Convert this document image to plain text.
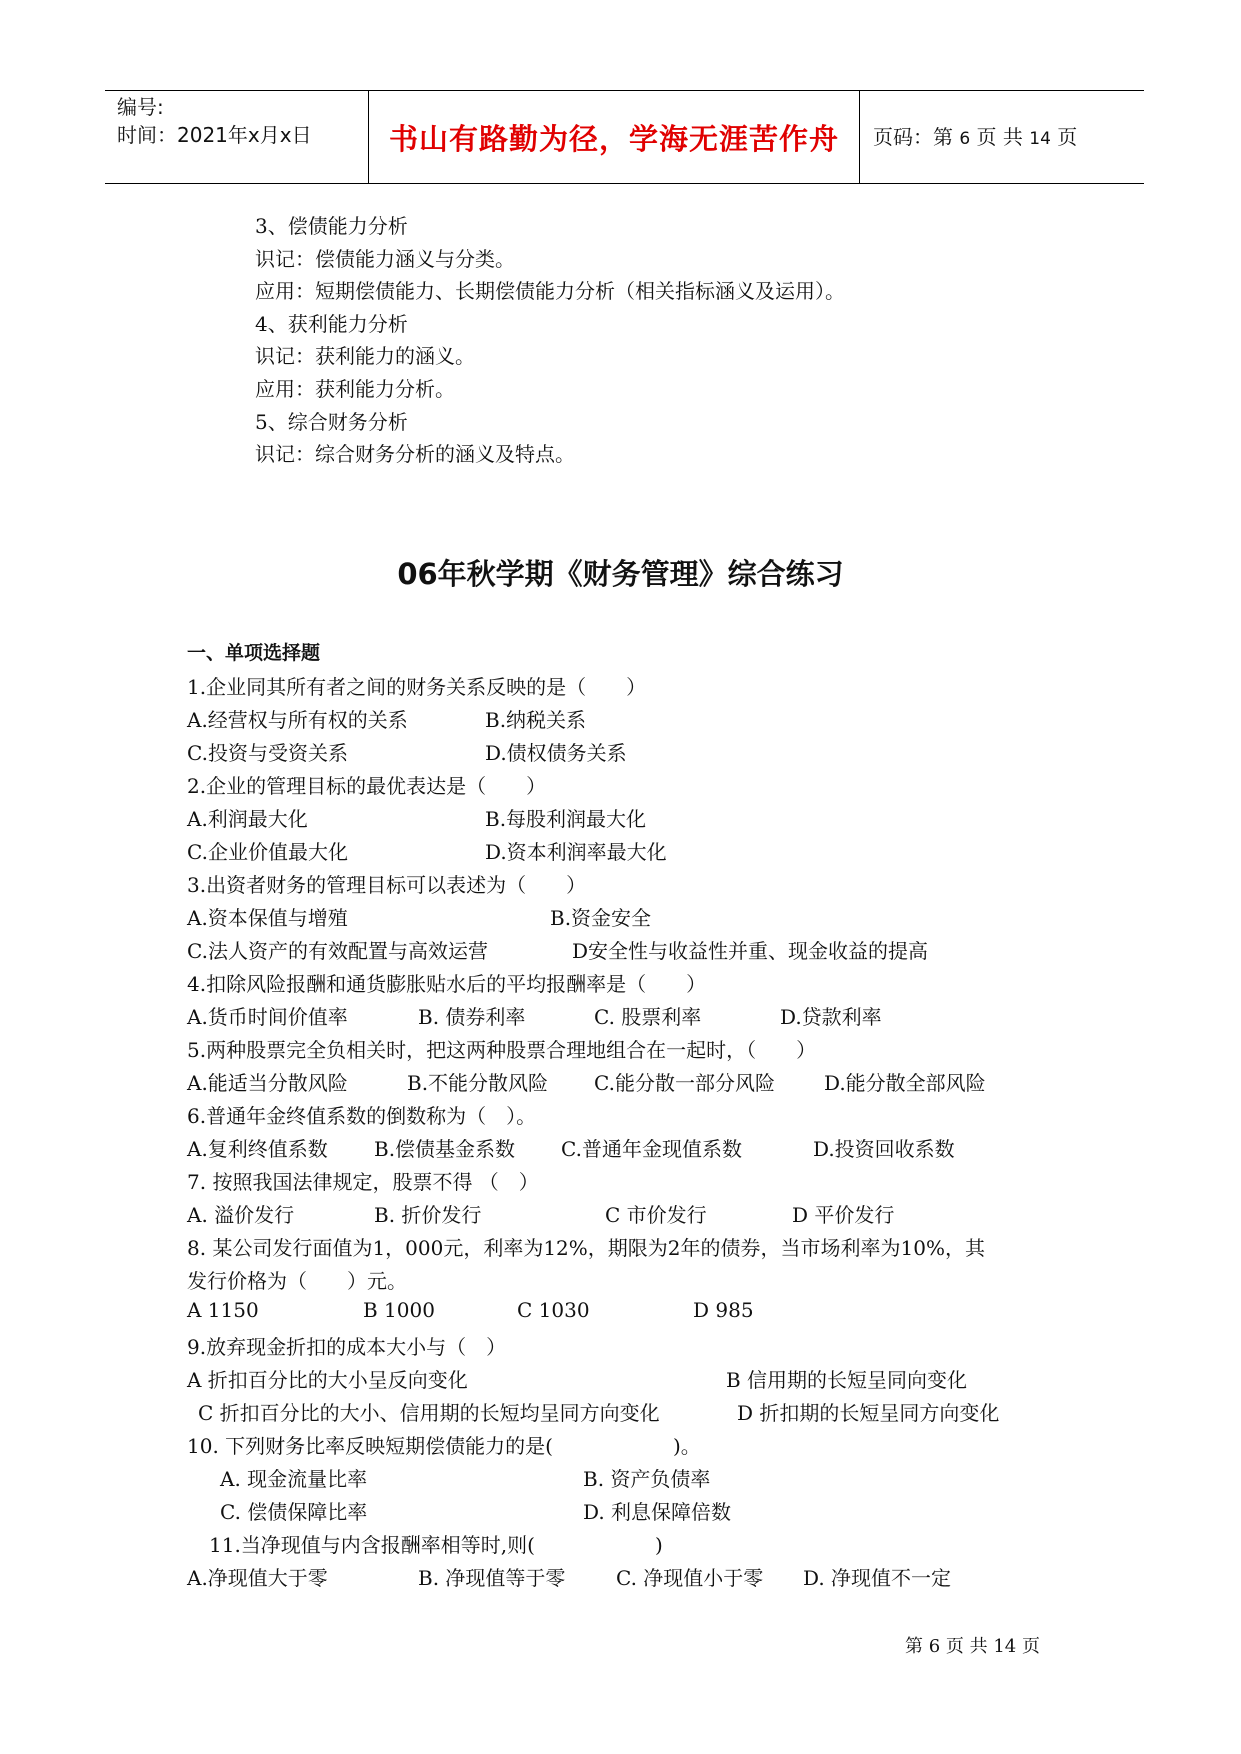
编号:
时间：2021年x月x日	书山有路勤为径，学海无涯苦作舟	页码：第 6 页 共 14 页
3、偿债能力分析
识记：偿债能力涵义与分类。
应用：短期偿债能力、长期偿债能力分析（相关指标涵义及运用）。
4、获利能力分析
识记：获利能力的涵义。
应用：获利能力分析。
5、综合财务分析
识记：综合财务分析的涵义及特点。
06年秋学期《财务管理》综合练习
一、单项选择题
1.企业同其所有者之间的财务关系反映的是（　　）
A.经营权与所有权的关系	B.纳税关系
C.投资与受资关系	D.债权债务关系
2.企业的管理目标的最优表达是（　　）
A.利润最大化	B.每股利润最大化
C.企业价值最大化	D.资本利润率最大化
3.出资者财务的管理目标可以表述为（　　）
A.资本保值与增殖	B.资金安全
C.法人资产的有效配置与高效运营	D安全性与收益性并重、现金收益的提高
4.扣除风险报酬和通货膨胀贴水后的平均报酬率是（　　）
A.货币时间价值率	B. 债券利率	C. 股票利率	D.贷款利率
5.两种股票完全负相关时，把这两种股票合理地组合在一起时，（　　）
A.能适当分散风险	B.不能分散风险 C.能分散一部分风险 D.能分散全部风险
6.普通年金终值系数的倒数称为（　）。
A.复利终值系数 B.偿债基金系数 C.普通年金现值系数	D.投资回收系数
7. 按照我国法律规定，股票不得 （　）
A. 溢价发行	B. 折价发行	C 市价发行	D 平价发行
8. 某公司发行面值为1，000元，利率为12%，期限为2年的债券，当市场利率为10%，其
发行价格为（　　）元。
A 1150	B 1000	C 1030	D 985
9.放弃现金折扣的成本大小与（　）
A 折扣百分比的大小呈反向变化	B 信用期的长短呈同向变化
C 折扣百分比的大小、信用期的长短均呈同方向变化	D 折扣期的长短呈同方向变化
10. 下列财务比率反映短期偿债能力的是(　　　　　　)。
A. 现金流量比率	B. 资产负债率
C. 偿债保障比率	D. 利息保障倍数
11.当净现值与内含报酬率相等时,则(　　　　　　)
A.净现值大于零	B. 净现值等于零	C. 净现值小于零 D. 净现值不一定
第 6 页 共 14 页
